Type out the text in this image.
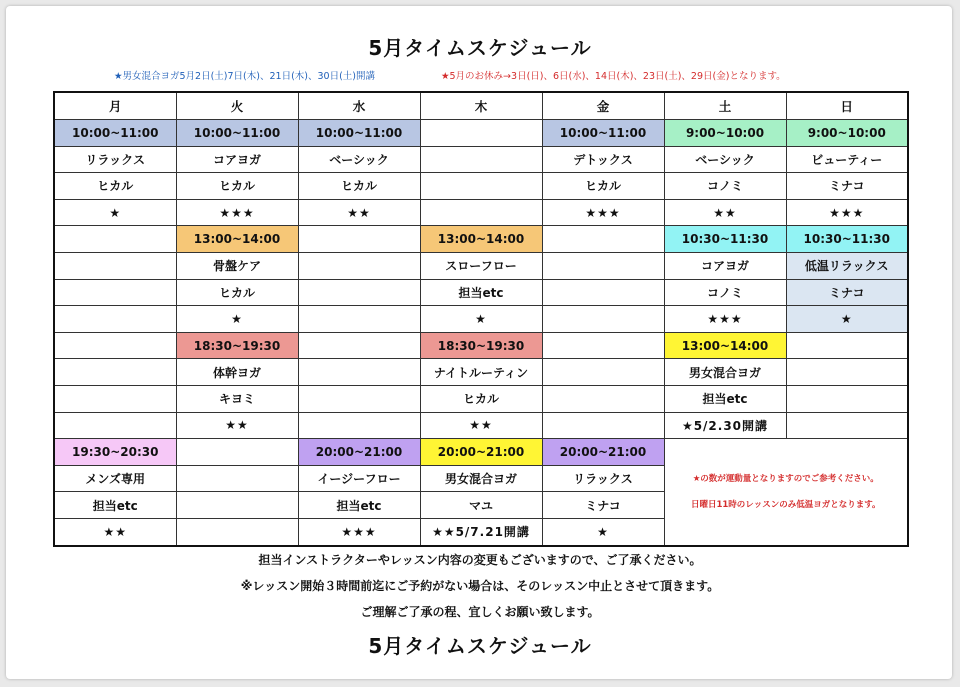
5月タイムスケジュール
★男女混合ヨガ5月2日(土)7日(木)、21日(木)、30日(土)開講	★5月のお休み→3日(日)、6日(水)、14日(木)、23日(土)、29日(金)となります。
月	火	水	木	金	土	日
10:00~11:00	10:00~11:00	10:00~11:00		10:00~11:00	9:00~10:00	9:00~10:00
リラックス	コアヨガ	ベーシック		デトックス	ベーシック	ビューティー
ヒカル	ヒカル	ヒカル		ヒカル	コノミ	ミナコ
★	★★★	★★		★★★	★★	★★★
	13:00~14:00		13:00~14:00		10:30~11:30	10:30~11:30
	骨盤ケア		スローフロー		コアヨガ	低温リラックス
	ヒカル		担当etc		コノミ	ミナコ
	★		★		★★★	★
	18:30~19:30		18:30~19:30		13:00~14:00	
	体幹ヨガ		ナイトルーティン		男女混合ヨガ	
	キヨミ		ヒカル		担当etc	
	★★		★★		★5/2.30開講	
19:30~20:30		20:00~21:00	20:00~21:00	20:00~21:00	★の数が運動量となりますのでご参考ください。
日曜日11時のレッスンのみ低温ヨガとなります。	

メンズ専用		イージーフロー	男女混合ヨガ	リラックス		
担当etc		担当etc	マユ	ミナコ		
★★		★★★	★★5/7.21開講	★		
担当インストラクターやレッスン内容の変更もございますので、ご了承ください。
※レッスン開始３時間前迄にご予約がない場合は、そのレッスン中止とさせて頂きます。
ご理解ご了承の程、宜しくお願い致します。
5月タイムスケジュール
